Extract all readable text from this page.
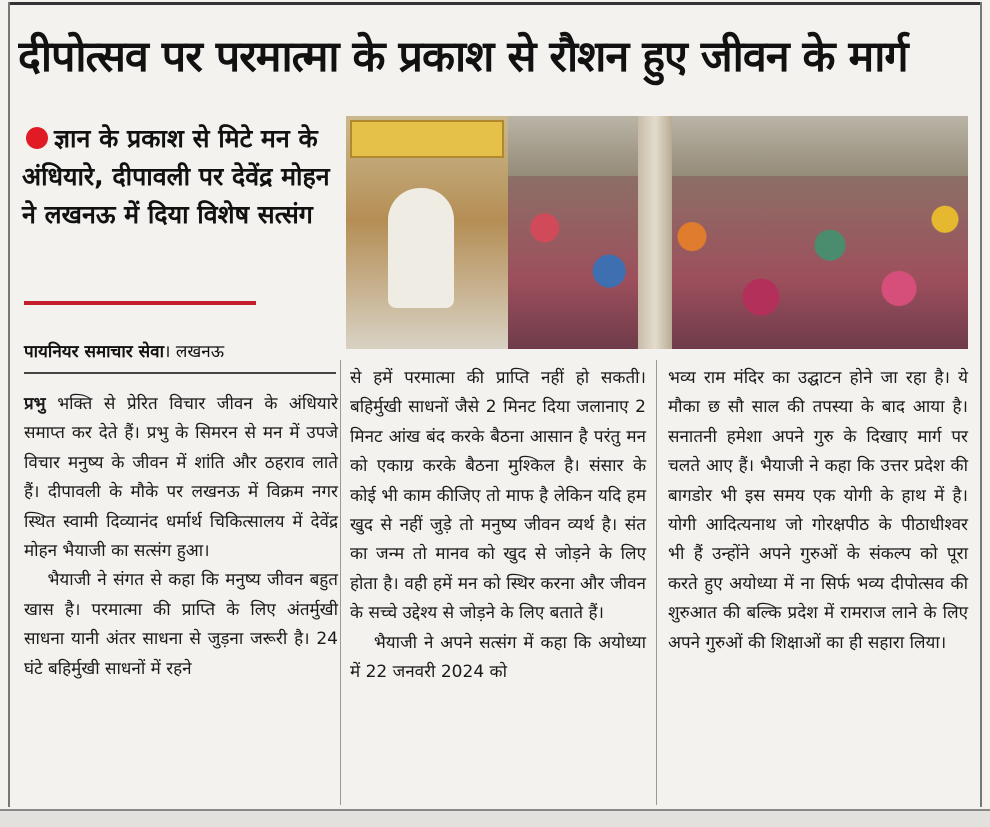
दीपोत्सव पर परमात्मा के प्रकाश से रौशन हुए जीवन के मार्ग
ज्ञान के प्रकाश से मिटे मन के अंधियारे, दीपावली पर देवेंद्र मोहन ने लखनऊ में दिया विशेष सत्संग
पायनियर समाचार सेवा। लखनऊ

प्रभु भक्ति से प्रेरित विचार जीवन के अंधियारे समाप्त कर देते हैं। प्रभु के सिमरन से मन में उपजे विचार मनुष्य के जीवन में शांति और ठहराव लाते हैं। दीपावली के मौके पर लखनऊ में विक्रम नगर स्थित स्वामी दिव्यानंद धर्मार्थ चिकित्सालय में देवेंद्र मोहन भैयाजी का सत्संग हुआ।

  भैयाजी ने संगत से कहा कि मनुष्य जीवन बहुत खास है। परमात्मा की प्राप्ति के लिए अंतर्मुखी साधना यानी अंतर साधना से जुड़ना जरूरी है। 24 घंटे बहिर्मुखी साधनों में रहने

से हमें परमात्मा की प्राप्ति नहीं हो सकती। बहिर्मुखी साधनों जैसे 2 मिनट दिया जलानाए 2 मिनट आंख बंद करके बैठना आसान है परंतु मन को एकाग्र करके बैठना मुश्किल है। संसार के कोई भी काम कीजिए तो माफ है लेकिन यदि हम खुद से नहीं जुड़े तो मनुष्य जीवन व्यर्थ है। संत का जन्म तो मानव को खुद से जोड़ने के लिए होता है। वही हमें मन को स्थिर करना और जीवन के सच्चे उद्देश्य से जोड़ने के लिए बताते हैं।

  भैयाजी ने अपने सत्संग में कहा कि अयोध्या में 22 जनवरी 2024 को

भव्य राम मंदिर का उद्घाटन होने जा रहा है। ये मौका छ सौ साल की तपस्या के बाद आया है। सनातनी हमेशा अपने गुरु के दिखाए मार्ग पर चलते आए हैं। भैयाजी ने कहा कि उत्तर प्रदेश की बागडोर भी इस समय एक योगी के हाथ में है। योगी आदित्यनाथ जो गोरक्षपीठ के पीठाधीश्वर भी हैं उन्होंने अपने गुरुओं के संकल्प को पूरा करते हुए अयोध्या में ना सिर्फ भव्य दीपोत्सव की शुरुआत की बल्कि प्रदेश में रामराज लाने के लिए अपने गुरुओं की शिक्षाओं का ही सहारा लिया।
